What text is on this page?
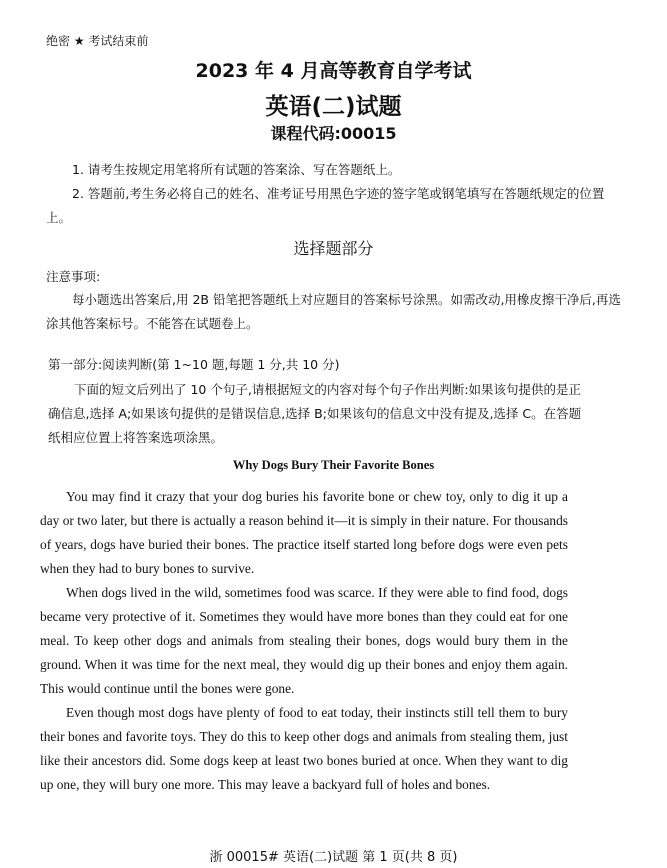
绝密 ★ 考试结束前
2023 年 4 月高等教育自学考试
英语(二)试题
课程代码:00015
1. 请考生按规定用笔将所有试题的答案涂、写在答题纸上。
2. 答题前,考生务必将自己的姓名、准考证号用黑色字迹的签字笔或钢笔填写在答题纸规定的位置上。
选择题部分
注意事项:
每小题选出答案后,用 2B 铅笔把答题纸上对应题目的答案标号涂黑。如需改动,用橡皮擦干净后,再选涂其他答案标号。不能答在试题卷上。
第一部分:阅读判断(第 1~10 题,每题 1 分,共 10 分)
下面的短文后列出了 10 个句子,请根据短文的内容对每个句子作出判断:如果该句提供的是正确信息,选择 A;如果该句提供的是错误信息,选择 B;如果该句的信息文中没有提及,选择 C。在答题纸相应位置上将答案选项涂黑。
Why Dogs Bury Their Favorite Bones

You may find it crazy that your dog buries his favorite bone or chew toy, only to dig it up a day or two later, but there is actually a reason behind it—it is simply in their nature. For thousands of years, dogs have buried their bones. The practice itself started long before dogs were even pets when they had to bury bones to survive.

When dogs lived in the wild, sometimes food was scarce. If they were able to find food, dogs became very protective of it. Sometimes they would have more bones than they could eat for one meal. To keep other dogs and animals from stealing their bones, dogs would bury them in the ground. When it was time for the next meal, they would dig up their bones and enjoy them again. This would continue until the bones were gone.

Even though most dogs have plenty of food to eat today, their instincts still tell them to bury their bones and favorite toys. They do this to keep other dogs and animals from stealing them, just like their ancestors did. Some dogs keep at least two bones buried at once. When they want to dig up one, they will bury one more. This may leave a backyard full of holes and bones.

浙 00015# 英语(二)试题 第 1 页(共 8 页)
